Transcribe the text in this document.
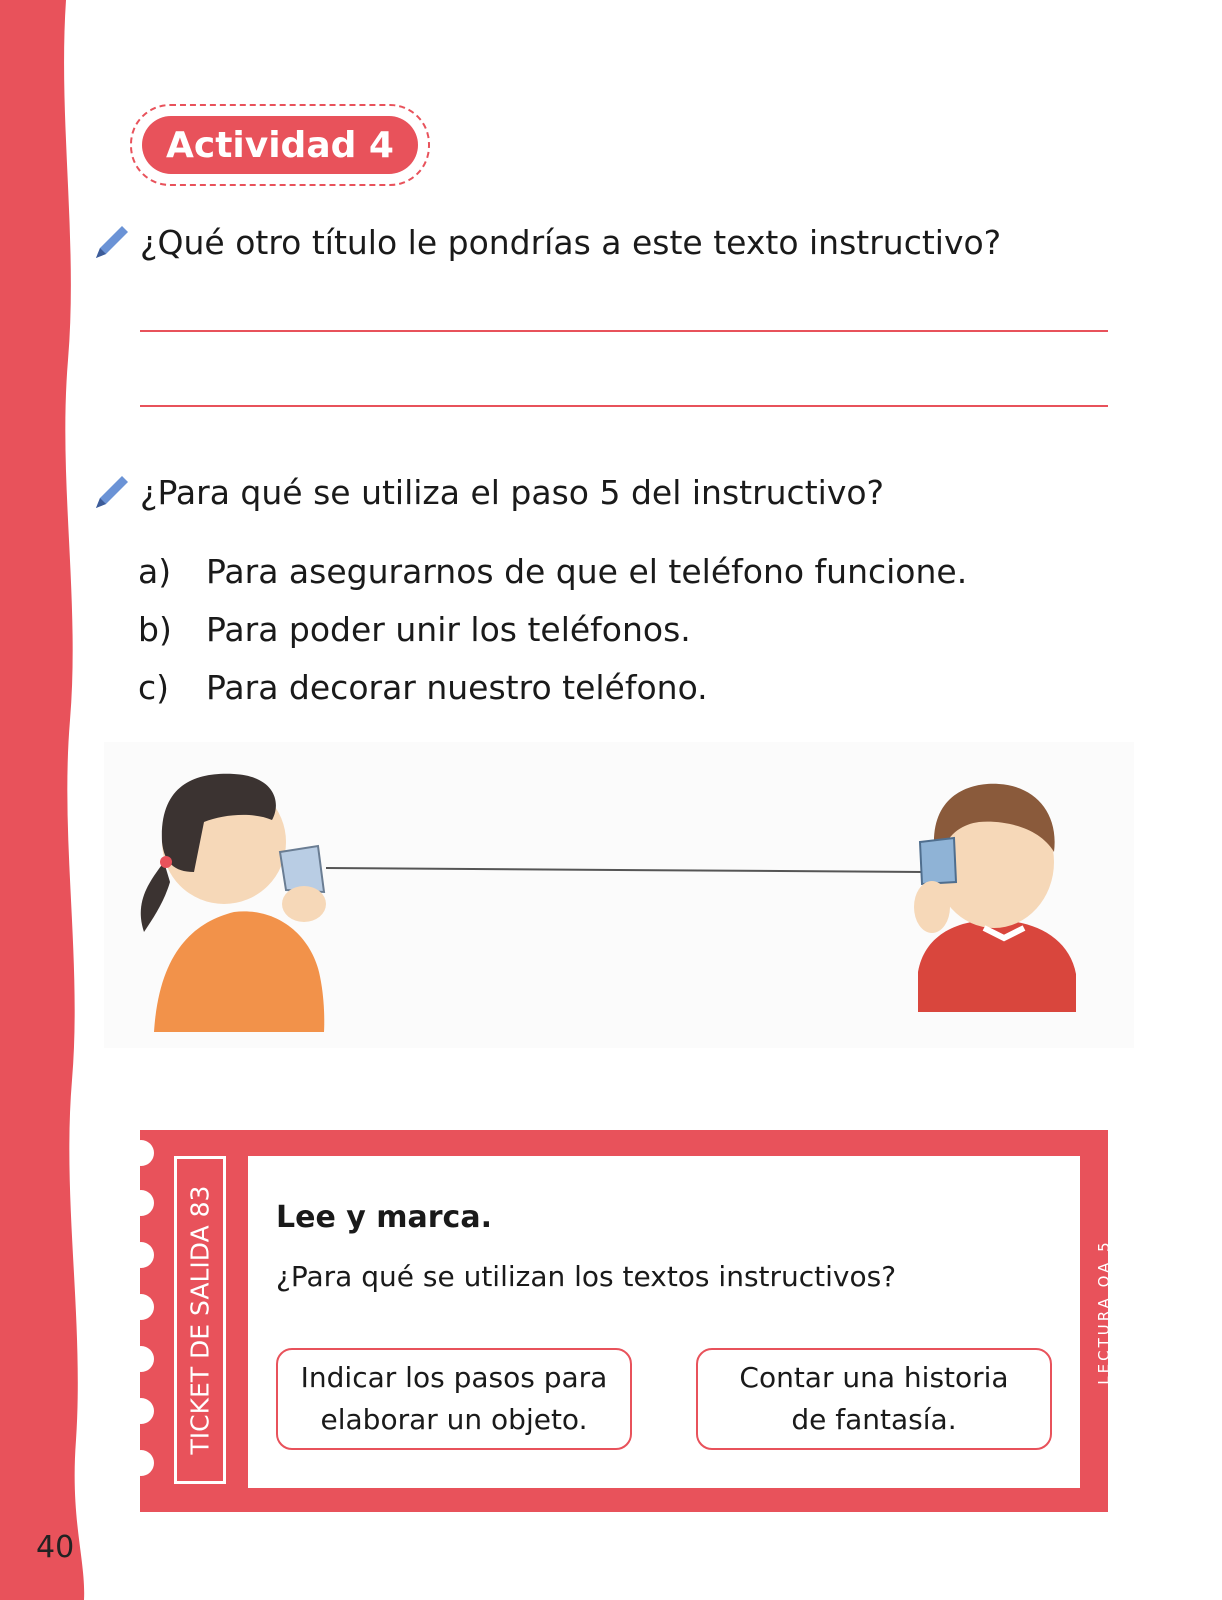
40
Actividad 4
¿Qué otro título le pondrías a este texto instructivo?
¿Para qué se utiliza el paso 5 del instructivo?
a)	Para asegurarnos de que el teléfono funcione.
b)	Para poder unir los teléfonos.
c)	Para decorar nuestro teléfono.
TICKET DE SALIDA 83 Lee y marca.
¿Para qué se utilizan los textos instructivos?
Indicar los pasos para
elaborar un objeto.
Contar una historia
de fantasía.
LECTURA OA 5
